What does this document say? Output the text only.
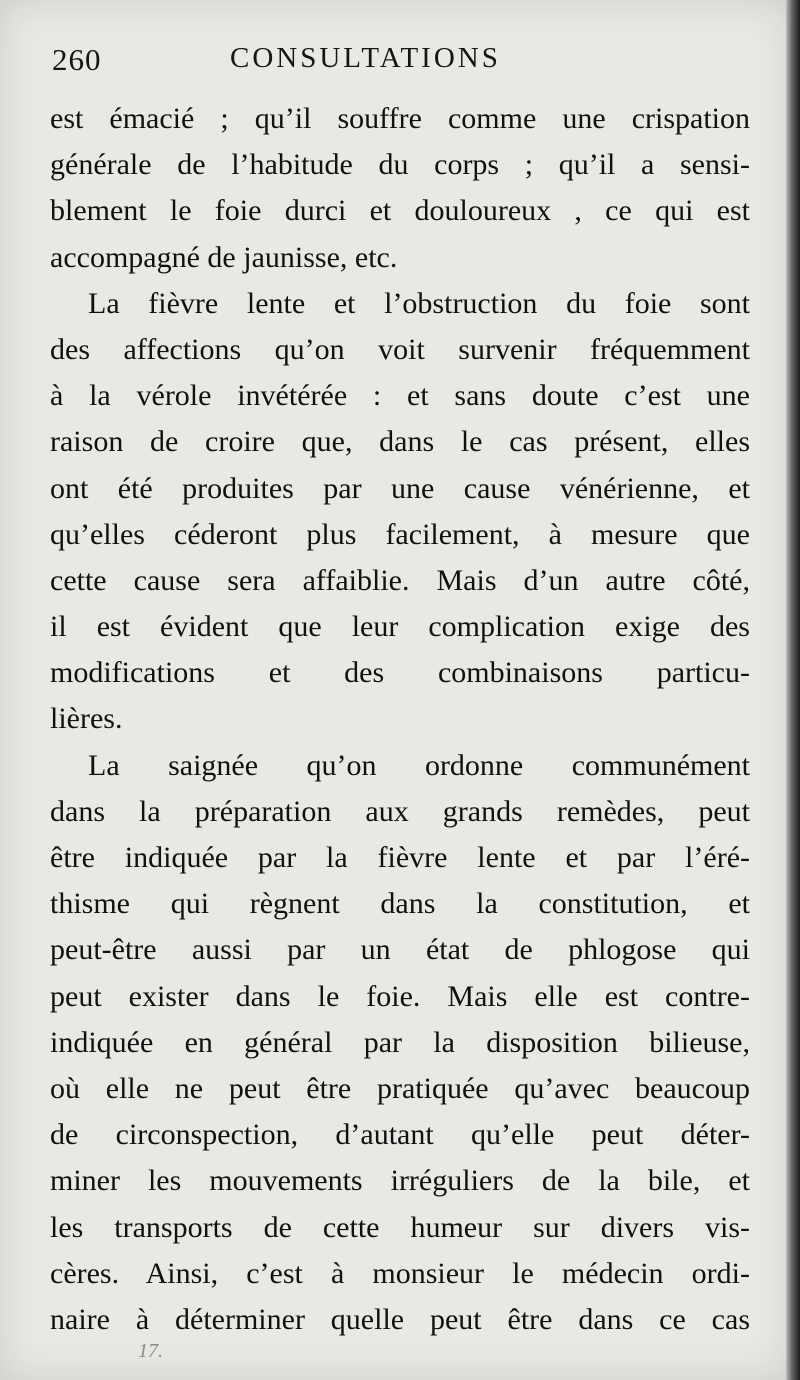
260	CONSULTATIONS
est émacié ; qu’il souffre comme une crispation
générale de l’habitude du corps ; qu’il a sensi-
blement le foie durci et douloureux , ce qui est
accompagné de jaunisse, etc.
La fièvre lente et l’obstruction du foie sont
des affections qu’on voit survenir fréquemment
à la vérole invétérée : et sans doute c’est une
raison de croire que, dans le cas présent, elles
ont été produites par une cause vénérienne, et
qu’elles céderont plus facilement, à mesure que
cette cause sera affaiblie. Mais d’un autre côté,
il est évident que leur complication exige des
modifications et des combinaisons particu-
lières.
La saignée qu’on ordonne communément
dans la préparation aux grands remèdes, peut
être indiquée par la fièvre lente et par l’éré-
thisme qui règnent dans la constitution, et
peut-être aussi par un état de phlogose qui
peut exister dans le foie. Mais elle est contre-
indiquée en général par la disposition bilieuse,
où elle ne peut être pratiquée qu’avec beaucoup
de circonspection, d’autant qu’elle peut déter-
miner les mouvements irréguliers de la bile, et
les transports de cette humeur sur divers vis-
cères. Ainsi, c’est à monsieur le médecin ordi-
naire à déterminer quelle peut être dans ce cas
17.
